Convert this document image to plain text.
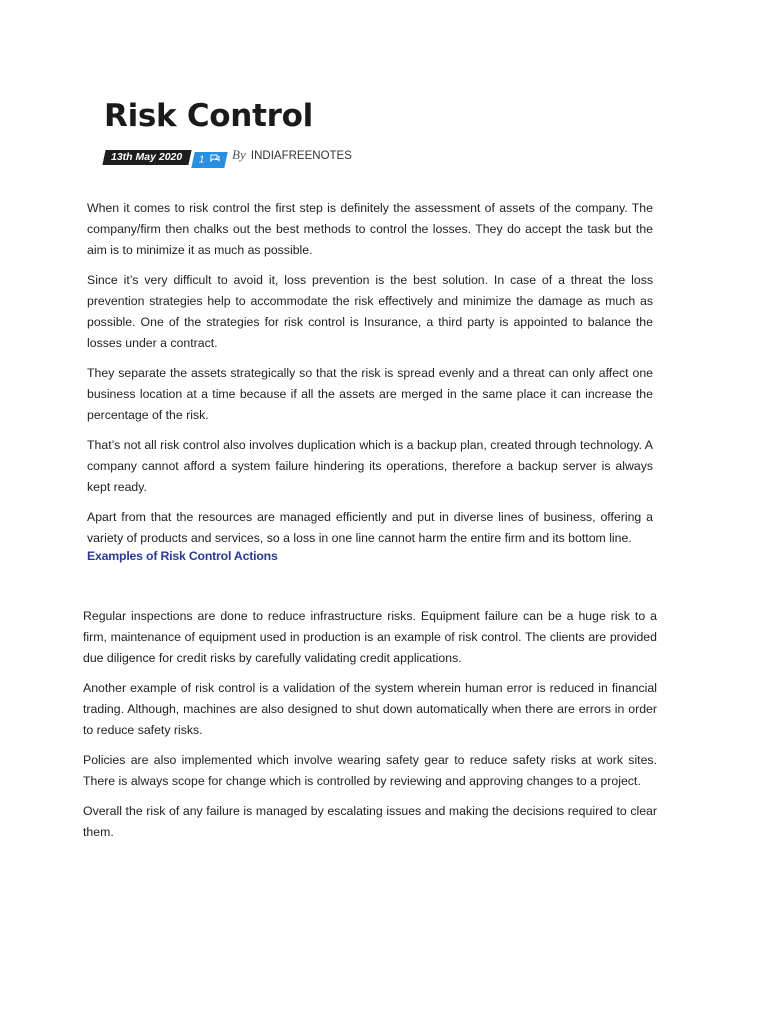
Risk Control
13th May 2020	1	By INDIAFREENOTES

When it comes to risk control the first step is definitely the assessment of assets of the company. The company/firm then chalks out the best methods to control the losses. They do accept the task but the aim is to minimize it as much as possible.

Since it’s very difficult to avoid it, loss prevention is the best solution. In case of a threat the loss prevention strategies help to accommodate the risk effectively and minimize the damage as much as possible. One of the strategies for risk control is Insurance, a third party is appointed to balance the losses under a contract.

They separate the assets strategically so that the risk is spread evenly and a threat can only affect one business location at a time because if all the assets are merged in the same place it can increase the percentage of the risk.

That’s not all risk control also involves duplication which is a backup plan, created through technology. A company cannot afford a system failure hindering its operations, therefore a backup server is always kept ready.

Apart from that the resources are managed efficiently and put in diverse lines of business, offering a variety of products and services, so a loss in one line cannot harm the entire firm and its bottom line.

Examples of Risk Control Actions

Regular inspections are done to reduce infrastructure risks. Equipment failure can be a huge risk to a firm, maintenance of equipment used in production is an example of risk control. The clients are provided due diligence for credit risks by carefully validating credit applications.

Another example of risk control is a validation of the system wherein human error is reduced in financial trading. Although, machines are also designed to shut down automatically when there are errors in order to reduce safety risks.

Policies are also implemented which involve wearing safety gear to reduce safety risks at work sites. There is always scope for change which is controlled by reviewing and approving changes to a project.

Overall the risk of any failure is managed by escalating issues and making the decisions required to clear them.
